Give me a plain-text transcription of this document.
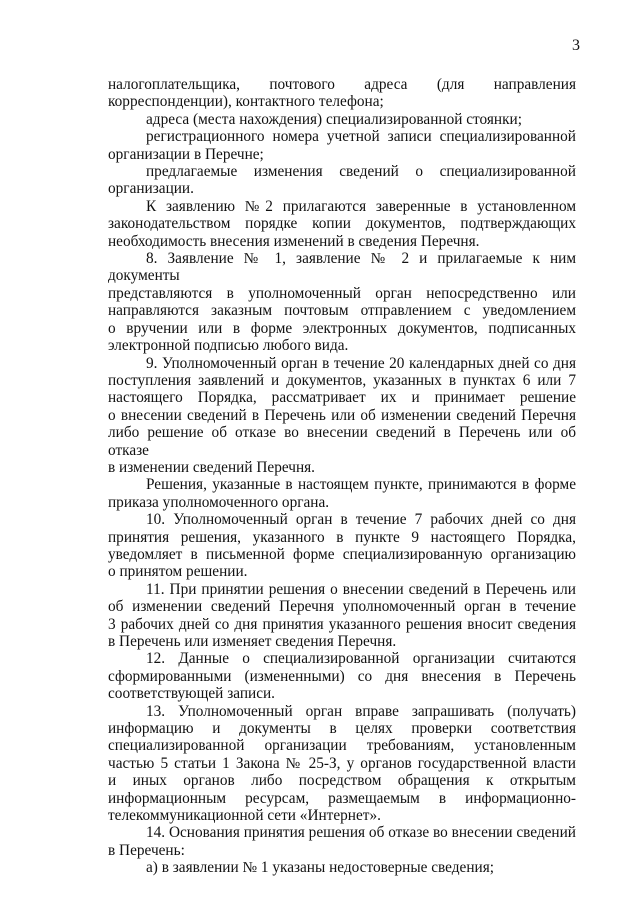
3
налогоплательщика, почтового адреса (для направления
корреспонденции), контактного телефона;
адреса (места нахождения) специализированной стоянки;
регистрационного номера учетной записи специализированной
организации в Перечне;
предлагаемые изменения сведений о специализированной
организации.
К заявлению №2 прилагаются заверенные в установленном
законодательством порядке копии документов, подтверждающих
необходимость внесения изменений в сведения Перечня.
8. Заявление № 1, заявление № 2 и прилагаемые к ним документы
представляются в уполномоченный орган непосредственно или
направляются заказным почтовым отправлением с уведомлением
о вручении или в форме электронных документов, подписанных
электронной подписью любого вида.
9. Уполномоченный орган в течение 20 календарных дней со дня
поступления заявлений и документов, указанных в пунктах 6 или 7
настоящего Порядка, рассматривает их и принимает решение
о внесении сведений в Перечень или об изменении сведений Перечня
либо решение об отказе во внесении сведений в Перечень или об отказе
в изменении сведений Перечня.
Решения, указанные в настоящем пункте, принимаются в форме
приказа уполномоченного органа.
10. Уполномоченный орган в течение 7 рабочих дней со дня
принятия решения, указанного в пункте 9 настоящего Порядка,
уведомляет в письменной форме специализированную организацию
о принятом решении.
11. При принятии решения о внесении сведений в Перечень или
об изменении сведений Перечня уполномоченный орган в течение
3 рабочих дней со дня принятия указанного решения вносит сведения
в Перечень или изменяет сведения Перечня.
12. Данные о специализированной организации считаются
сформированными (измененными) со дня внесения в Перечень
соответствующей записи.
13. Уполномоченный орган вправе запрашивать (получать)
информацию и документы в целях проверки соответствия
специализированной организации требованиям, установленным
частью 5 статьи 1 Закона № 25-З, у органов государственной власти
и иных органов либо посредством обращения к открытым
информационным ресурсам, размещаемым в информационно-
телекоммуникационной сети «Интернет».
14. Основания принятия решения об отказе во внесении сведений
в Перечень:
а) в заявлении № 1 указаны недостоверные сведения;
